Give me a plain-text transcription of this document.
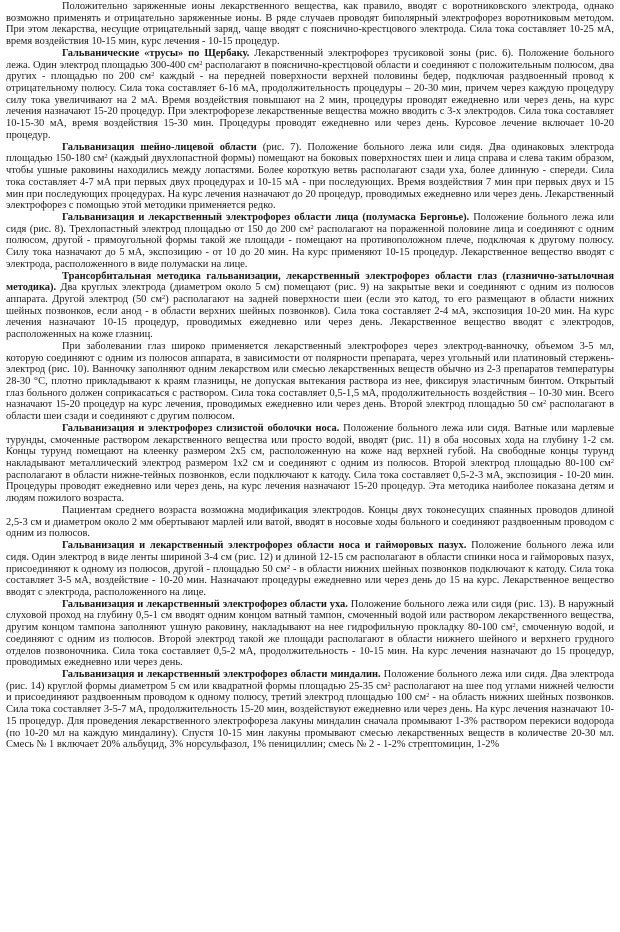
Положительно заряженные ионы лекарственного вещества, как правило, вводят с воротниковского электрода, однако возможно применять и отрицательно заряженные ионы. В ряде случаев проводят биполярный электрофорез воротниковым методом. При этом лекарства, несущие отрицательный заряд, чаще вводят с пояснично-крестцового электрода. Сила тока составляет 10-25 мА, время воздействия 10-15 мин, курс лечения - 10-15 процедур.

Гальванические «трусы» по Щербаку. Лекарственный электрофорез трусиковой зоны (рис. 6). Положение больного лежа. Один электрод площадью 300-400 $см^2$ располагают в пояснично-крестцовой области и соединяют с положительным полюсом, два других - площадью по 200 $см^2$ каждый - на передней поверхности верхней половины бедер, подключая раздвоенный провод к отрицательному полюсу. Сила тока составляет 6-16 мА, продолжительность процедуры – 20-30 мин, причем через каждую процедуру силу тока увеличивают на 2 мА. Время воздействия повышают на 2 мин, процедуры проводят ежедневно или через день, на курс лечения назначают 15-20 процедур. При электрофорезе лекарственные вещества можно вводить с 3-х электродов. Сила тока составляет 10-15-30 мА, время воздействия 15-30 мин. Процедуры проводят ежедневно или через день. Курсовое лечение включает 10-20 процедур.

Гальванизация шейно-лицевой области (рис. 7). Положение больного лежа или сидя. Два одинаковых электрода площадью 150-180 $см^2$ (каждый двухлопастной формы) помещают на боковых поверхностях шеи и лица справа и слева таким образом, чтобы ушные раковины находились между лопастями. Более короткую ветвь располагают сзади уха, более длинную - спереди. Сила тока составляет 4-7 мА при первых двух процедурах и 10-15 мА - при последующих. Время воздействия 7 мин при первых двух и 15 мин при последующих процедурах. На курс лечения назначают до 20 процедур, проводимых ежедневно или через день. Лекарственный электрофорез с помощью этой методики применяется редко.

Гальванизация и лекарственный электрофорез области лица (полумаска Бергонье). Положение больного лежа или сидя (рис. 8). Трехлопастный электрод площадью от 150 до 200 $см^2$ располагают на пораженной половине лица и соединяют с одним полюсом, другой - прямоугольной формы такой же площади - помещают на противоположном плече, подключая к другому полюсу. Силу тока назначают до 5 мА, экспозицию - от 10 до 20 мин. На курс применяют 10-15 процедур. Лекарственное вещество вводят с электрода, расположенного в виде полумаски на лице.

Трансорбитальная методика гальванизации, лекарственный электрофорез области глаз (глазнично-затылочная методика). Два круглых электрода (диаметром около 5 см) помещают (рис. 9) на закрытые веки и соединяют с одним из полюсов аппарата. Другой электрод (50 $см^2$) располагают на задней поверхности шеи (если это катод, то его размещают в области нижних шейных позвонков, если анод - в области верхних шейных позвонков). Сила тока составляет 2-4 мА, экспозиция 10-20 мин. На курс лечения назначают 10-15 процедур, проводимых ежедневно или через день. Лекарственное вещество вводят с электродов, расположенных на коже глазниц.

При заболевании глаз широко применяется лекарственный электрофорез через электрод-ванночку, объемом 3-5 мл, которую соединяют с одним из полюсов аппарата, в зависимости от полярности препарата, через угольный или платиновый стержень-электрод (рис. 10). Ванночку заполняют одним лекарством или смесью лекарственных веществ обычно из 2-3 препаратов температуры 28-30 °С, плотно прикладывают к краям глазницы, не допуская вытекания раствора из нее, фиксируя эластичным бинтом. Открытый глаз больного должен соприкасаться с раствором. Сила тока составляет 0,5-1,5 мА, продолжительность воздействия – 10-30 мин. Всего назначают 15-20 процедур на курс лечения, проводимых ежедневно или через день. Второй электрод площадью 50 $см^2$ располагают в области шеи сзади и соединяют с другим полюсом.

Гальванизация и электрофорез слизистой оболочки носа. Положение больного лежа или сидя. Ватные или марлевые турунды, смоченные раствором лекарственного вещества или просто водой, вводят (рис. 11) в оба носовых хода на глубину 1-2 см. Концы турунд помещают на клеенку размером 2х5 см, расположенную на коже над верхней губой. На свободные концы турунд накладывают металлический электрод размером 1х2 см и соединяют с одним из полюсов. Второй электрод площадью 80-100 $см^2$ располагают в области нижне-тейных позвонков, если подключают к катоду. Сила тока составляет 0,5-2-3 мА, экспозиция - 10-20 мин. Процедуры проводят ежедневно или через день, на курс лечения назначают 15-20 процедур. Эта методика наиболее показана детям и людям пожилого возраста.

Пациентам среднего возраста возможна модификация электродов. Концы двух токонесущих спаянных проводов длиной 2,5-3 см и диаметром около 2 мм обертывают марлей или ватой, вводят в носовые ходы больного и соединяют раздвоенным проводом с одним из полюсов.

Гальванизация и лекарственный электрофорез области носа и гайморовых пазух. Положение больного лежа или сидя. Один электрод в виде ленты шириной 3-4 см (рис. 12) и длиной 12-15 см располагают в области спинки носа и гайморовых пазух, присоединяют к одному из полюсов, другой - площадью 50 $см^2$ - в области нижних шейных позвонков подключают к катоду. Сила тока составляет 3-5 мА, воздействие - 10-20 мин. Назначают процедуры ежедневно или через день до 15 на курс. Лекарственное вещество вводят с электрода, расположенного на лице.

Гальванизация и лекарственный электрофорез области уха. Положение больного лежа или сидя (рис. 13). В наружный слуховой проход на глубину 0,5-1 см вводят одним концом ватный тампон, смоченный водой или раствором лекарственного вещества, другим концом тампона заполняют ушную раковину, накладывают на нее гидрофильную прокладку 80-100 $см^2$, смоченную водой, и соединяют с одним из полюсов. Второй электрод такой же площади располагают в области нижнего шейного и верхнего грудного отделов позвоночника. Сила тока составляет 0,5-2 мА, продолжительность - 10-15 мин. На курс лечения назначают до 15 процедур, проводимых ежедневно или через день.

Гальванизация и лекарственный электрофорез области миндалин. Положение больного лежа или сидя. Два электрода (рис. 14) круглой формы диаметром 5 см или квадратной формы площадью 25-35 $см^2$ располагают на шее под углами нижней челюсти и присоединяют раздвоенным проводом к одному полюсу, третий электрод площадью 100 $см^2$ - на область нижних шейных позвонков. Сила тока составляет 3-5-7 мА, продолжительность 15-20 мин, воздействуют ежедневно или через день. На курс лечения назначают 10-15 процедур. Для проведения лекарственного электрофореза лакуны миндалин сначала промывают 1-3% раствором перекиси водорода (по 10-20 мл на каждую миндалину). Спустя 10-15 мин лакуны промывают смесью лекарственных веществ в количестве 20-30 мл. Смесь № 1 включает 20% альбуцид, 3% норсульфазол, 1% пенициллин; смесь № 2 - 1-2% стрептомицин, 1-2%
